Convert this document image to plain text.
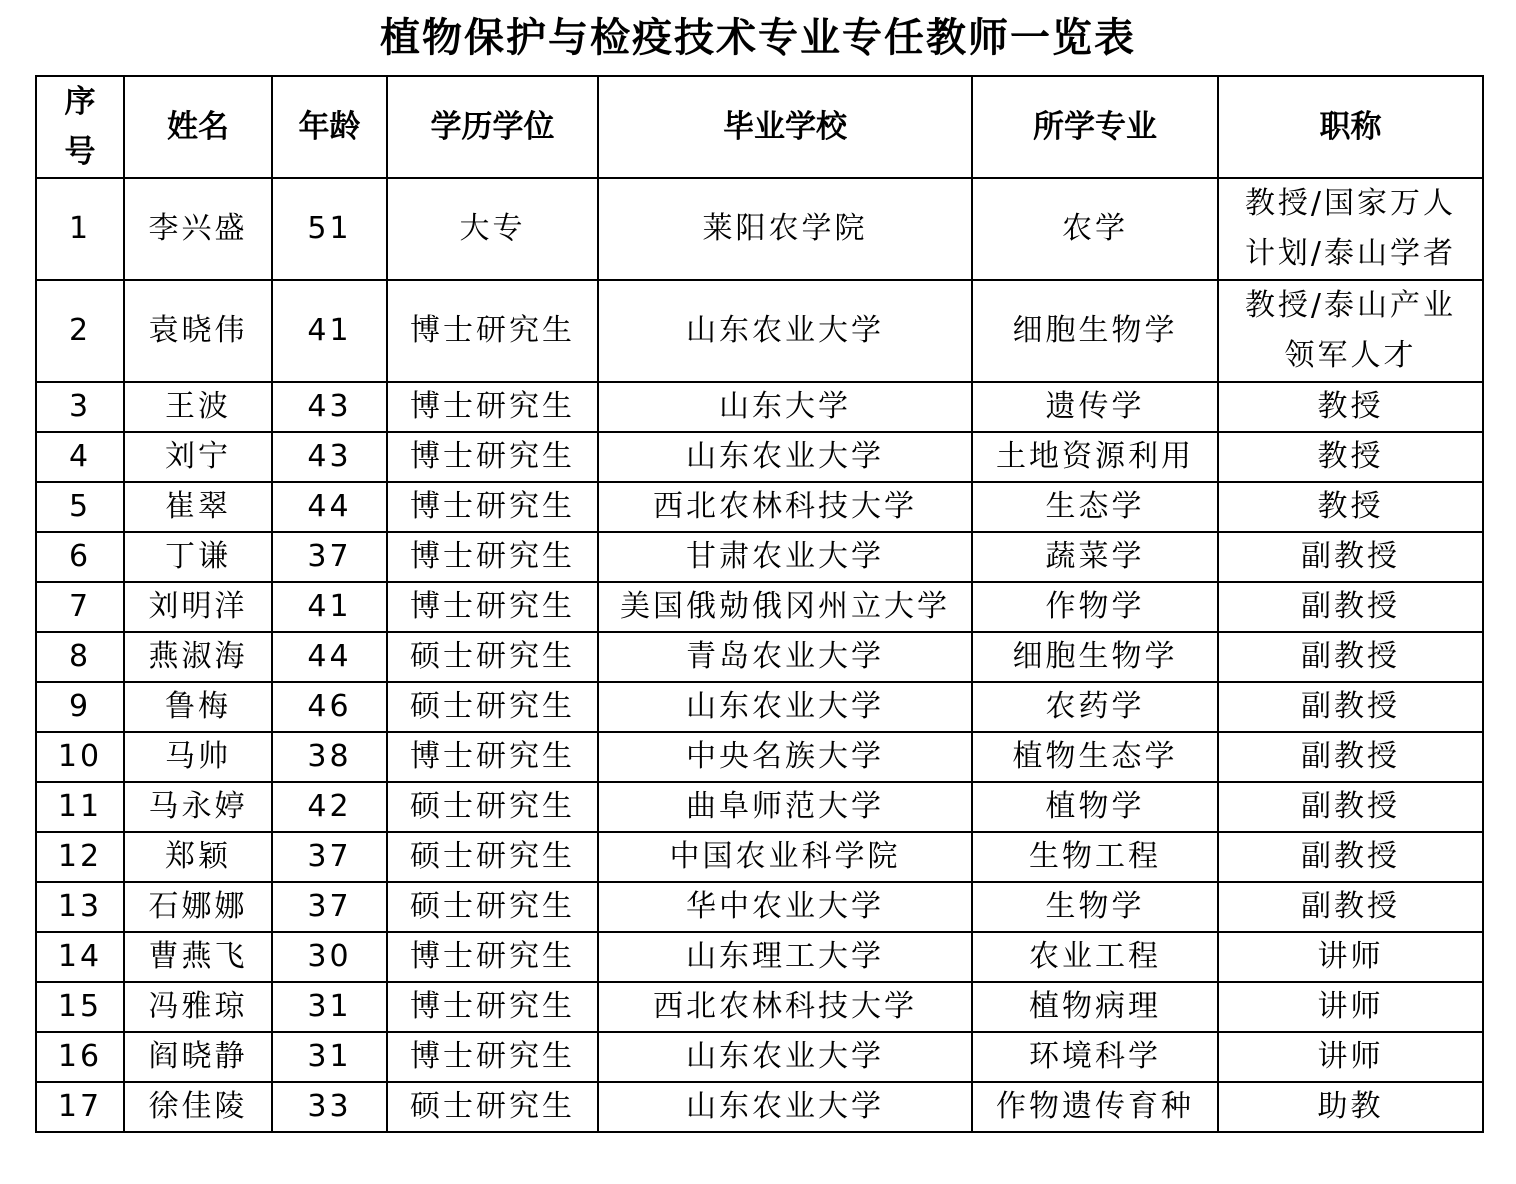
植物保护与检疫技术专业专任教师一览表
序号	姓名	年龄	学历学位	毕业学校	所学专业	职称
1	李兴盛	51	大专	莱阳农学院	农学	教授/国家万人计划/泰山学者
2	袁晓伟	41	博士研究生	山东农业大学	细胞生物学	教授/泰山产业领军人才
3	王波	43	博士研究生	山东大学	遗传学	教授
4	刘宁	43	博士研究生	山东农业大学	土地资源利用	教授
5	崔翠	44	博士研究生	西北农林科技大学	生态学	教授
6	丁谦	37	博士研究生	甘肃农业大学	蔬菜学	副教授
7	刘明洋	41	博士研究生	美国俄勀俄冈州立大学	作物学	副教授
8	燕淑海	44	硕士研究生	青岛农业大学	细胞生物学	副教授
9	鲁梅	46	硕士研究生	山东农业大学	农药学	副教授
10	马帅	38	博士研究生	中央名族大学	植物生态学	副教授
11	马永婷	42	硕士研究生	曲阜师范大学	植物学	副教授
12	郑颖	37	硕士研究生	中国农业科学院	生物工程	副教授
13	石娜娜	37	硕士研究生	华中农业大学	生物学	副教授
14	曹燕飞	30	博士研究生	山东理工大学	农业工程	讲师
15	冯雅琼	31	博士研究生	西北农林科技大学	植物病理	讲师
16	阎晓静	31	博士研究生	山东农业大学	环境科学	讲师
17	徐佳陵	33	硕士研究生	山东农业大学	作物遗传育种	助教
